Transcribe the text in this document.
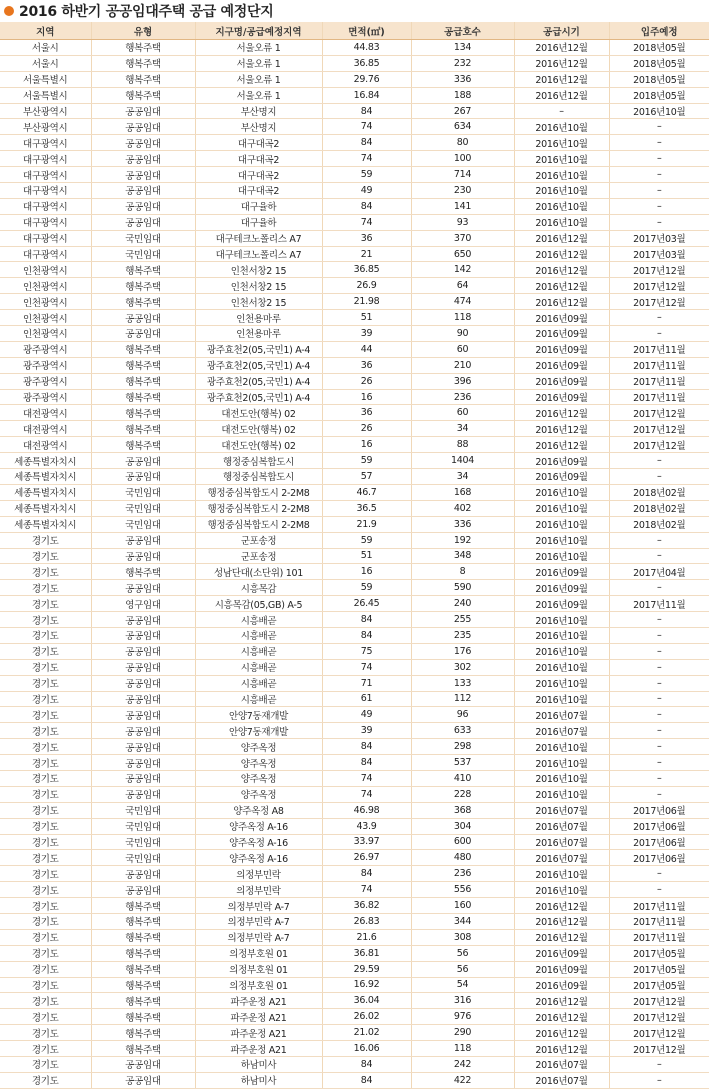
2016 하반기 공공임대주택 공급 예정단지
지역	유형	지구명/공급예정지역	면적(㎡)	공급호수	공급시기	입주예정
서울시	행복주택	서울오류 1	44.83	134	2016년12월	2018년05월
서울시	행복주택	서울오류 1	36.85	232	2016년12월	2018년05월
서울특별시	행복주택	서울오류 1	29.76	336	2016년12월	2018년05월
서울특별시	행복주택	서울오류 1	16.84	188	2016년12월	2018년05월
부산광역시	공공임대	부산명지	84	267	–	2016년10월
부산광역시	공공임대	부산명지	74	634	2016년10월	–
대구광역시	공공임대	대구대곡2	84	80	2016년10월	–
대구광역시	공공임대	대구대곡2	74	100	2016년10월	–
대구광역시	공공임대	대구대곡2	59	714	2016년10월	–
대구광역시	공공임대	대구대곡2	49	230	2016년10월	–
대구광역시	공공임대	대구율하	84	141	2016년10월	–
대구광역시	공공임대	대구율하	74	93	2016년10월	–
대구광역시	국민임대	대구테크노폴리스 A7	36	370	2016년12월	2017년03월
대구광역시	국민임대	대구테크노폴리스 A7	21	650	2016년12월	2017년03월
인천광역시	행복주택	인천서창2 15	36.85	142	2016년12월	2017년12월
인천광역시	행복주택	인천서창2 15	26.9	64	2016년12월	2017년12월
인천광역시	행복주택	인천서창2 15	21.98	474	2016년12월	2017년12월
인천광역시	공공임대	인천용마루	51	118	2016년09월	–
인천광역시	공공임대	인천용마루	39	90	2016년09월	–
광주광역시	행복주택	광주효천2(05,국민1) A-4	44	60	2016년09월	2017년11월
광주광역시	행복주택	광주효천2(05,국민1) A-4	36	210	2016년09월	2017년11월
광주광역시	행복주택	광주효천2(05,국민1) A-4	26	396	2016년09월	2017년11월
광주광역시	행복주택	광주효천2(05,국민1) A-4	16	236	2016년09월	2017년11월
대전광역시	행복주택	대전도안(행복) 02	36	60	2016년12월	2017년12월
대전광역시	행복주택	대전도안(행복) 02	26	34	2016년12월	2017년12월
대전광역시	행복주택	대전도안(행복) 02	16	88	2016년12월	2017년12월
세종특별자치시	공공임대	행정중심복합도시	59	1404	2016년09월	–
세종특별자치시	공공임대	행정중심복합도시	57	34	2016년09월	–
세종특별자치시	국민임대	행정중심복합도시 2-2M8	46.7	168	2016년10월	2018년02월
세종특별자치시	국민임대	행정중심복합도시 2-2M8	36.5	402	2016년10월	2018년02월
세종특별자치시	국민임대	행정중심복합도시 2-2M8	21.9	336	2016년10월	2018년02월
경기도	공공임대	군포송정	59	192	2016년10월	–
경기도	공공임대	군포송정	51	348	2016년10월	–
경기도	행복주택	성남단대(소단위) 101	16	8	2016년09월	2017년04월
경기도	공공임대	시흥목감	59	590	2016년09월	–
경기도	영구임대	시흥목감(05,GB) A-5	26.45	240	2016년09월	2017년11월
경기도	공공임대	시흥배곧	84	255	2016년10월	–
경기도	공공임대	시흥배곧	84	235	2016년10월	–
경기도	공공임대	시흥배곧	75	176	2016년10월	–
경기도	공공임대	시흥배곧	74	302	2016년10월	–
경기도	공공임대	시흥배곧	71	133	2016년10월	–
경기도	공공임대	시흥배곧	61	112	2016년10월	–
경기도	공공임대	안양7동재개발	49	96	2016년07월	–
경기도	공공임대	안양7동재개발	39	633	2016년07월	–
경기도	공공임대	양주옥정	84	298	2016년10월	–
경기도	공공임대	양주옥정	84	537	2016년10월	–
경기도	공공임대	양주옥정	74	410	2016년10월	–
경기도	공공임대	양주옥정	74	228	2016년10월	–
경기도	국민임대	양주옥정 A8	46.98	368	2016년07월	2017년06월
경기도	국민임대	양주옥정 A-16	43.9	304	2016년07월	2017년06월
경기도	국민임대	양주옥정 A-16	33.97	600	2016년07월	2017년06월
경기도	국민임대	양주옥정 A-16	26.97	480	2016년07월	2017년06월
경기도	공공임대	의정부민락	84	236	2016년10월	–
경기도	공공임대	의정부민락	74	556	2016년10월	–
경기도	행복주택	의정부민락 A-7	36.82	160	2016년12월	2017년11월
경기도	행복주택	의정부민락 A-7	26.83	344	2016년12월	2017년11월
경기도	행복주택	의정부민락 A-7	21.6	308	2016년12월	2017년11월
경기도	행복주택	의정부호원 01	36.81	56	2016년09월	2017년05월
경기도	행복주택	의정부호원 01	29.59	56	2016년09월	2017년05월
경기도	행복주택	의정부호원 01	16.92	54	2016년09월	2017년05월
경기도	행복주택	파주운정 A21	36.04	316	2016년12월	2017년12월
경기도	행복주택	파주운정 A21	26.02	976	2016년12월	2017년12월
경기도	행복주택	파주운정 A21	21.02	290	2016년12월	2017년12월
경기도	행복주택	파주운정 A21	16.06	118	2016년12월	2017년12월
경기도	공공임대	하남미사	84	242	2016년07월	–
경기도	공공임대	하남미사	84	422	2016년07월	–
